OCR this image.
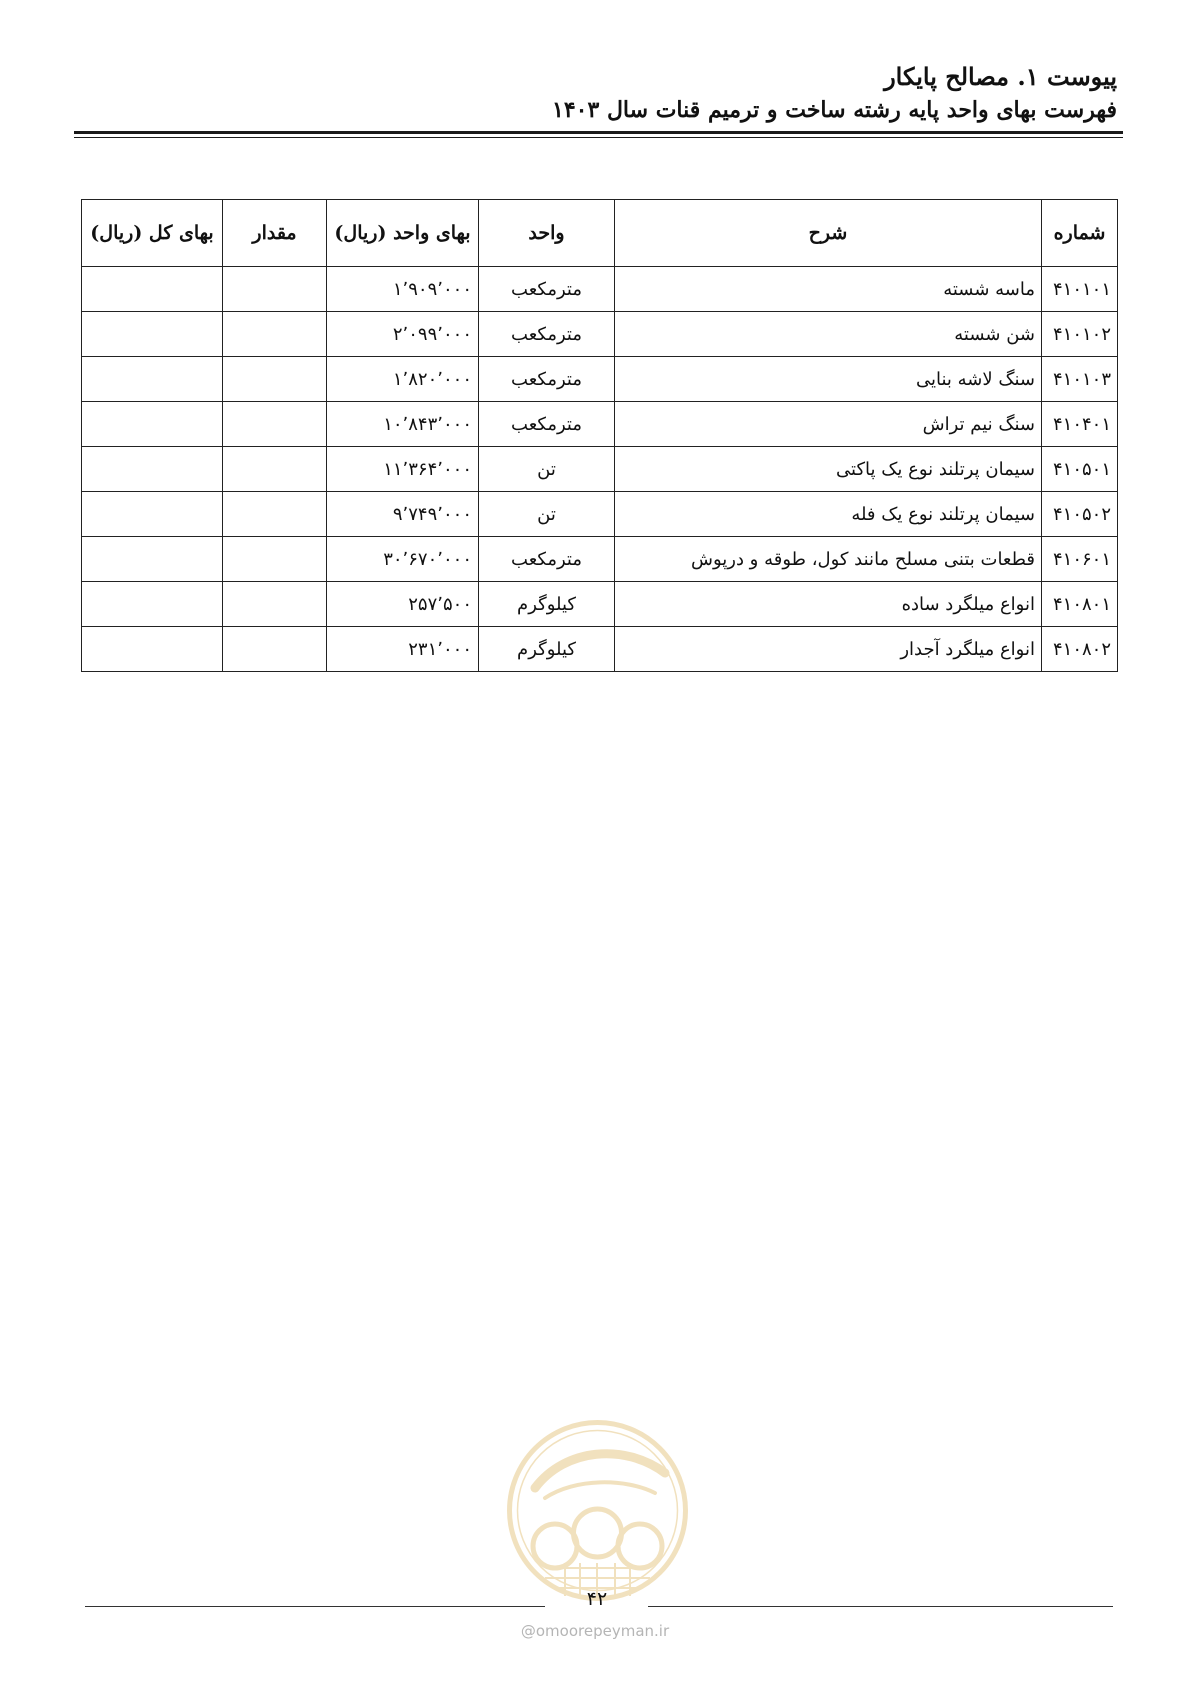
پیوست ۱. مصالح پایکار
فهرست بهای واحد پایه رشته ساخت و ترمیم قنات سال ۱۴۰۳
شماره	شرح	واحد	بهای واحد (ریال)	مقدار	بهای کل (ریال)
۴۱۰۱۰۱	ماسه شسته	مترمکعب	۱٬۹۰۹٬۰۰۰		
۴۱۰۱۰۲	شن شسته	مترمکعب	۲٬۰۹۹٬۰۰۰		
۴۱۰۱۰۳	سنگ لاشه بنایی	مترمکعب	۱٬۸۲۰٬۰۰۰		
۴۱۰۴۰۱	سنگ نیم تراش	مترمکعب	۱۰٬۸۴۳٬۰۰۰		
۴۱۰۵۰۱	سیمان پرتلند نوع یک پاکتی	تن	۱۱٬۳۶۴٬۰۰۰		
۴۱۰۵۰۲	سیمان پرتلند نوع یک فله	تن	۹٬۷۴۹٬۰۰۰		
۴۱۰۶۰۱	قطعات بتنی مسلح مانند کول، طوقه و درپوش	مترمکعب	۳۰٬۶۷۰٬۰۰۰		
۴۱۰۸۰۱	انواع میلگرد ساده	کیلوگرم	۲۵۷٬۵۰۰		
۴۱۰۸۰۲	انواع میلگرد آجدار	کیلوگرم	۲۳۱٬۰۰۰		
۴۲
@omoorepeyman.ir
